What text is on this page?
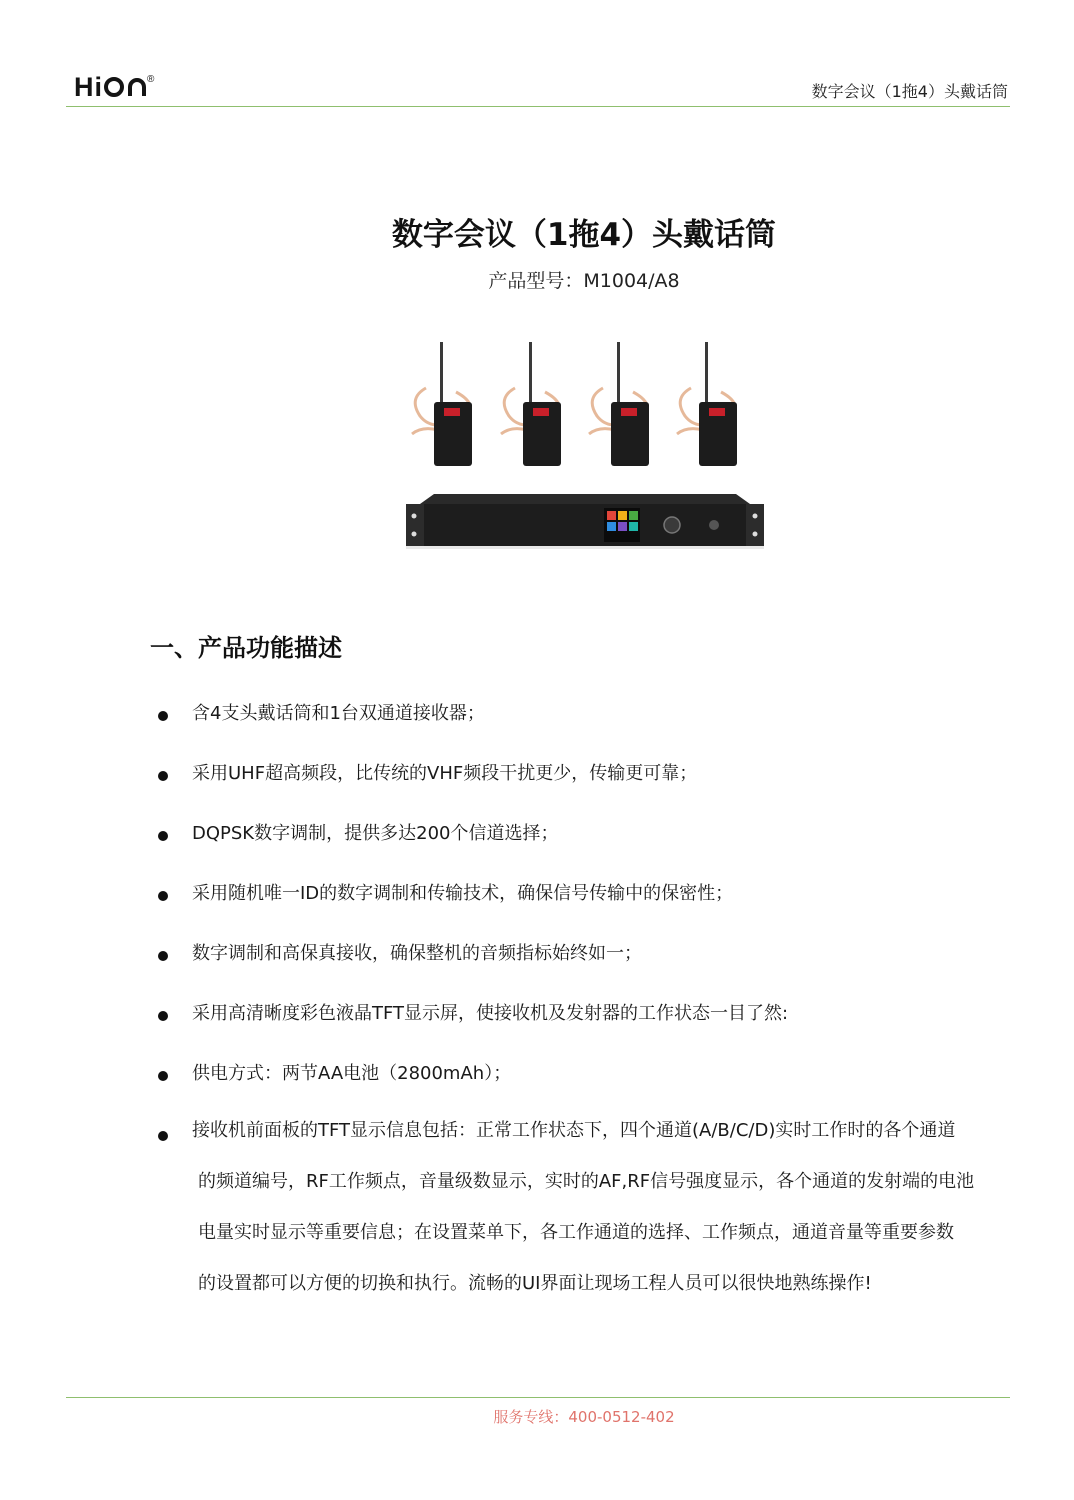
Hi	®
数字会议（1拖4）头戴话筒
数字会议（1拖4）头戴话筒
产品型号：M1004/A8
一、产品功能描述
含4支头戴话筒和1台双通道接收器；
采用UHF超高频段，比传统的VHF频段干扰更少，传输更可靠；
DQPSK数字调制，提供多达200个信道选择；
采用随机唯一ID的数字调制和传输技术，确保信号传输中的保密性；
数字调制和高保真接收，确保整机的音频指标始终如一；
采用高清晰度彩色液晶TFT显示屏，使接收机及发射器的工作状态一目了然:
供电方式：两节AA电池（2800mAh）；
接收机前面板的TFT显示信息包括：正常工作状态下，四个通道(A/B/C/D)实时工作时的各个通道
的频道编号，RF工作频点，音量级数显示，实时的AF,RF信号强度显示，各个通道的发射端的电池
电量实时显示等重要信息；在设置菜单下，各工作通道的选择、工作频点，通道音量等重要参数
的设置都可以方便的切换和执行。流畅的UI界面让现场工程人员可以很快地熟练操作!
服务专线：400-0512-402
